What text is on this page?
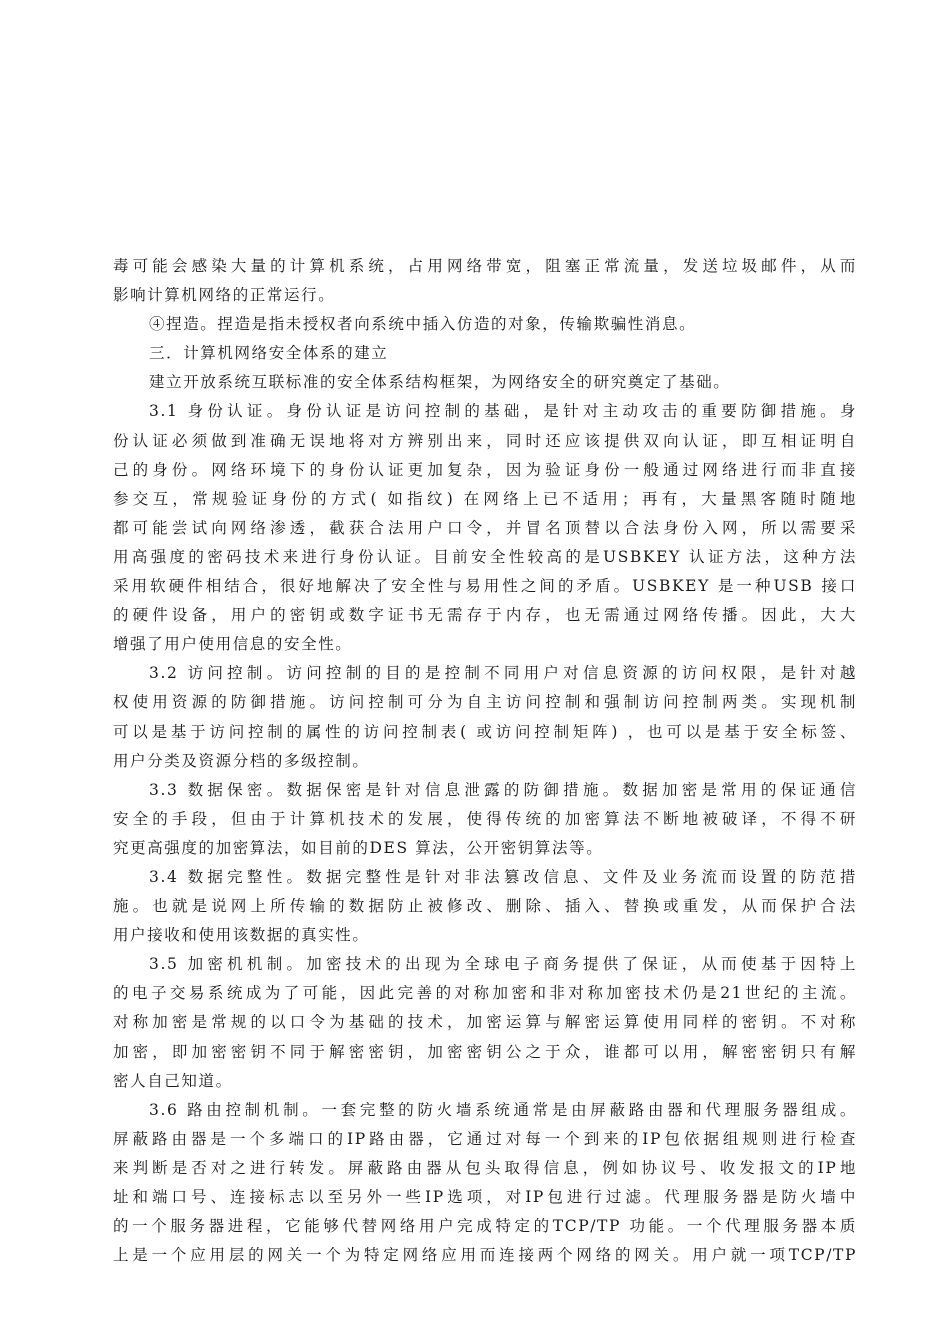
毒可能会感染大量的计算机系统，占用网络带宽，阻塞正常流量，发送垃圾邮件，从而
影响计算机网络的正常运行。
④捏造。捏造是指未授权者向系统中插入仿造的对象，传输欺骗性消息。
三．计算机网络安全体系的建立
建立开放系统互联标准的安全体系结构框架，为网络安全的研究奠定了基础。
3.1 身份认证。身份认证是访问控制的基础，是针对主动攻击的重要防御措施。身
份认证必须做到准确无误地将对方辨别出来，同时还应该提供双向认证，即互相证明自
己的身份。网络环境下的身份认证更加复杂，因为验证身份一般通过网络进行而非直接
参交互，常规验证身份的方式( 如指纹) 在网络上已不适用；再有，大量黑客随时随地
都可能尝试向网络渗透，截获合法用户口令，并冒名顶替以合法身份入网，所以需要采
用高强度的密码技术来进行身份认证。目前安全性较高的是USBKEY 认证方法，这种方法
采用软硬件相结合，很好地解决了安全性与易用性之间的矛盾。USBKEY 是一种USB 接口
的硬件设备，用户的密钥或数字证书无需存于内存，也无需通过网络传播。因此，大大
增强了用户使用信息的安全性。
3.2 访问控制。访问控制的目的是控制不同用户对信息资源的访问权限，是针对越
权使用资源的防御措施。访问控制可分为自主访问控制和强制访问控制两类。实现机制
可以是基于访问控制的属性的访问控制表( 或访问控制矩阵) ，也可以是基于安全标签、
用户分类及资源分档的多级控制。
3.3 数据保密。数据保密是针对信息泄露的防御措施。数据加密是常用的保证通信
安全的手段，但由于计算机技术的发展，使得传统的加密算法不断地被破译，不得不研
究更高强度的加密算法，如目前的DES 算法，公开密钥算法等。
3.4 数据完整性。数据完整性是针对非法篡改信息、文件及业务流而设置的防范措
施。也就是说网上所传输的数据防止被修改、删除、插入、替换或重发，从而保护合法
用户接收和使用该数据的真实性。
3.5 加密机机制。加密技术的出现为全球电子商务提供了保证，从而使基于因特上
的电子交易系统成为了可能，因此完善的对称加密和非对称加密技术仍是21世纪的主流。
对称加密是常规的以口令为基础的技术，加密运算与解密运算使用同样的密钥。不对称
加密，即加密密钥不同于解密密钥，加密密钥公之于众，谁都可以用，解密密钥只有解
密人自己知道。
3.6 路由控制机制。一套完整的防火墙系统通常是由屏蔽路由器和代理服务器组成。
屏蔽路由器是一个多端口的IP路由器，它通过对每一个到来的IP包依据组规则进行检查
来判断是否对之进行转发。屏蔽路由器从包头取得信息，例如协议号、收发报文的IP地
址和端口号、连接标志以至另外一些IP选项，对IP包进行过滤。代理服务器是防火墙中
的一个服务器进程，它能够代替网络用户完成特定的TCP/TP 功能。一个代理服务器本质
上是一个应用层的网关一个为特定网络应用而连接两个网络的网关。用户就一项TCP/TP
